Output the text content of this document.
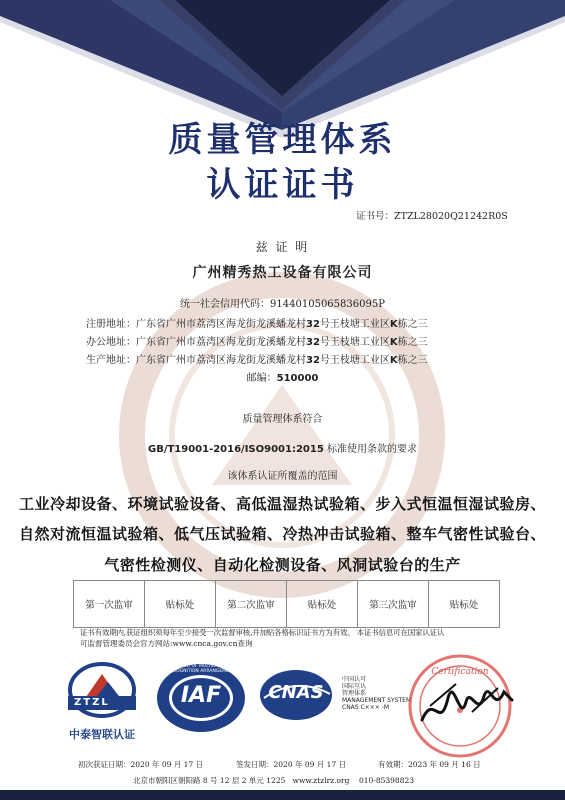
质量管理体系
认证证书
证书号：ZTZL28020Q21242R0S
兹 证 明
广州精秀热工设备有限公司
统一社会信用代码：91440105065836095P
注册地址：广东省广州市荔湾区海龙街龙溪蟠龙村32号王枝塘工业区K栋之三
办公地址：广东省广州市荔湾区海龙街龙溪蟠龙村32号王枝塘工业区K栋之三
生产地址：广东省广州市荔湾区海龙街龙溪蟠龙村32号王枝塘工业区K栋之三
邮编：510000
质量管理体系符合
GB/T19001-2016/ISO9001:2015 标准使用条款的要求
该体系认证所覆盖的范围
工业冷却设备、环境试验设备、高低温湿热试验箱、步入式恒温恒湿试验房、
自然对流恒温试验箱、低气压试验箱、冷热冲击试验箱、整车气密性试验台、
气密性检测仪、自动化检测设备、风洞试验台的生产
第一次监审	贴标处	第二次监审	贴标处	第三次监审	贴标处
证书有效期内,获证组织须每年至少接受一次监督审核,并加贴各格标识证书方为有效。 本证书信息可在国家认证认
可监督管理委员会官方网站:www.cnca.gov.cn查询
ZTZL
中泰智联认证
IAF
MEMBER OF MULTILATERAL RECOGNITION ARRANGEMENT
CNAS
中国认可
国际互认
管理体系
MANAGEMENT SYSTEM
CNAS C××× -M
Certification
初次获证日期：2020 年 09 月 17 日	签发日期：2020 年 09 月 17 日	有效期：2023 年 09 月 16 日
北京市朝阳区朝阳路 8 号 12 层 2 单元 1225 www.ztzlrz.org 010-85398823
